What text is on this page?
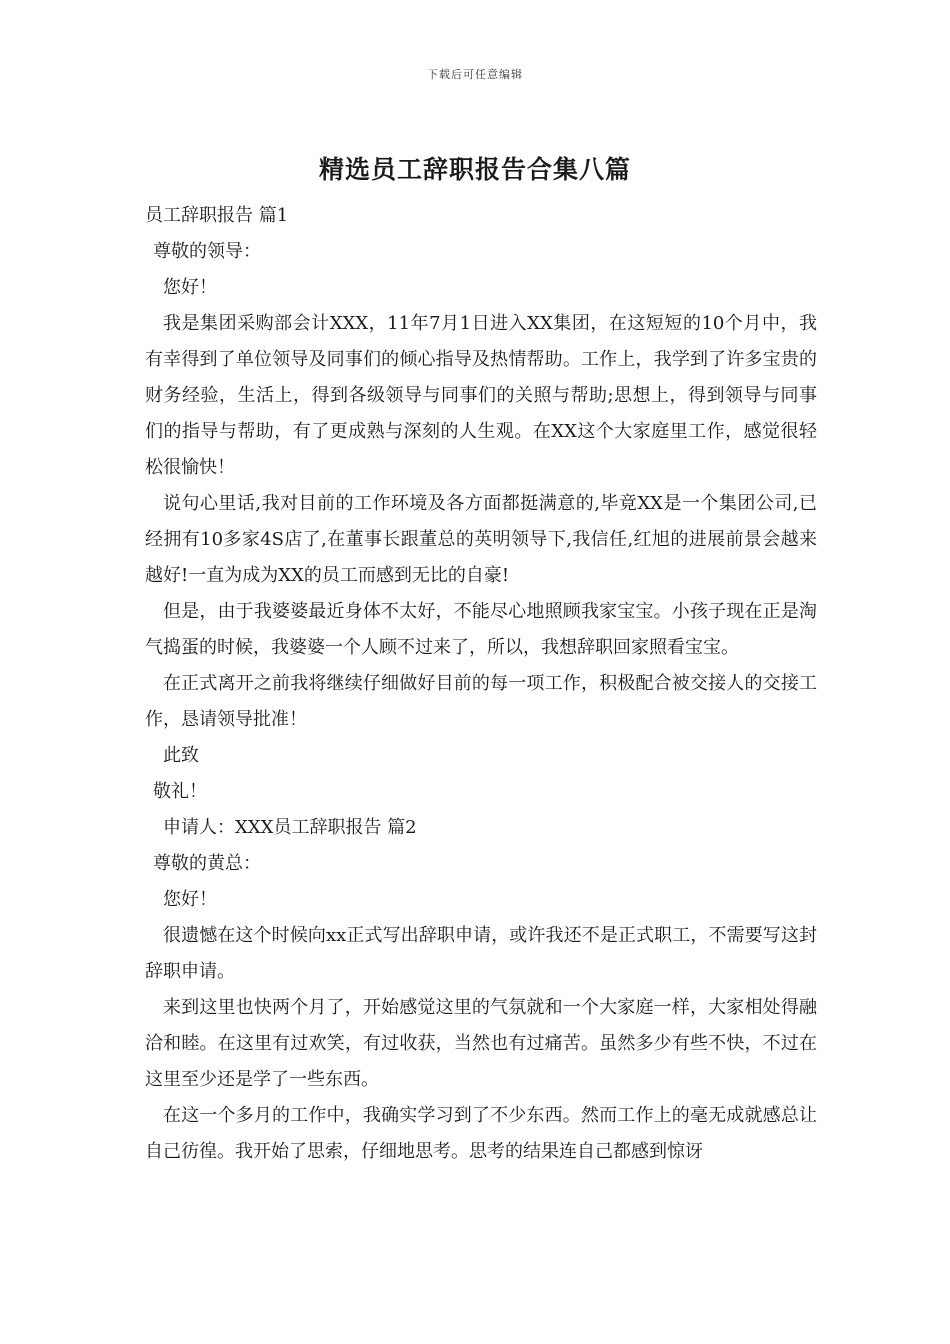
下载后可任意编辑
精选员工辞职报告合集八篇

员工辞职报告 篇1

尊敬的领导：

您好！

我是集团采购部会计XXX，11年7月1日进入XX集团，在这短短的10个月中，我有幸得到了单位领导及同事们的倾心指导及热情帮助。工作上，我学到了许多宝贵的财务经验，生活上，得到各级领导与同事们的关照与帮助;思想上，得到领导与同事们的指导与帮助，有了更成熟与深刻的人生观。在XX这个大家庭里工作，感觉很轻松很愉快！

说句心里话,我对目前的工作环境及各方面都挺满意的,毕竟XX是一个集团公司,已经拥有10多家4S店了,在董事长跟董总的英明领导下,我信任,红旭的进展前景会越来越好!一直为成为XX的员工而感到无比的自豪!

但是，由于我婆婆最近身体不太好，不能尽心地照顾我家宝宝。小孩子现在正是淘气捣蛋的时候，我婆婆一个人顾不过来了，所以，我想辞职回家照看宝宝。

在正式离开之前我将继续仔细做好目前的每一项工作，积极配合被交接人的交接工作，恳请领导批准！

此致

敬礼！

申请人：XXX员工辞职报告 篇2

尊敬的黄总：

您好！

很遗憾在这个时候向xx正式写出辞职申请，或许我还不是正式职工，不需要写这封辞职申请。

来到这里也快两个月了，开始感觉这里的气氛就和一个大家庭一样，大家相处得融洽和睦。在这里有过欢笑，有过收获，当然也有过痛苦。虽然多少有些不快，不过在这里至少还是学了一些东西。

在这一个多月的工作中，我确实学习到了不少东西。然而工作上的毫无成就感总让自己彷徨。我开始了思索，仔细地思考。思考的结果连自己都感到惊讶
